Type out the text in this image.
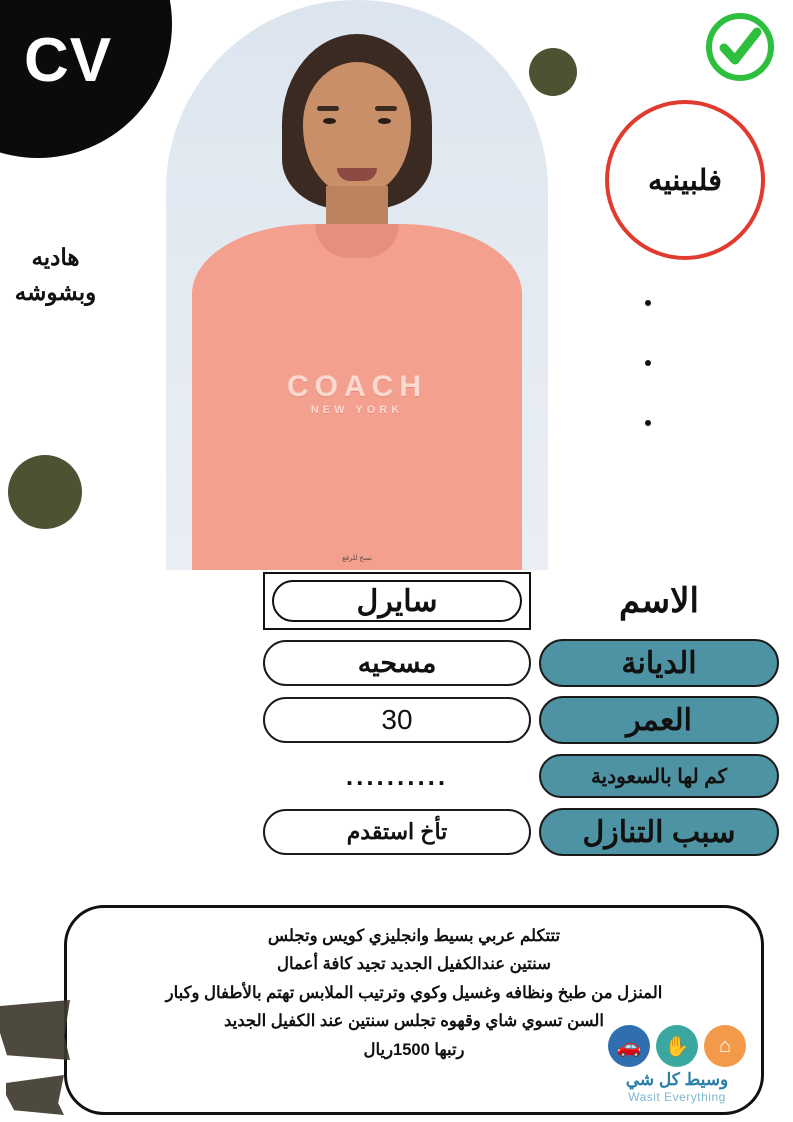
CV
فلبينيه
هاديه وبشوشه
COACH
NEW YORK
نسخ للرفع
الاسم
سايرل
الديانة
مسحيه
العمر
30
كم لها بالسعودية
..........
سبب التنازل
تأخ استقدم

تتتكلم عربي بسيط وانجليزي كويس وتجلس

سنتين عندالكفيل الجديد تجيد كافة أعمال

المنزل من طبخ ونظافه وغسيل وكوي وترتيب الملابس تهتم بالأطفال وكبار

السن تسوي شاي وقهوه تجلس سنتين عند الكفيل الجديد

رتبها 1500ريال	⌂
✋
🚗
وسيط كل شي
Wasit Everything
